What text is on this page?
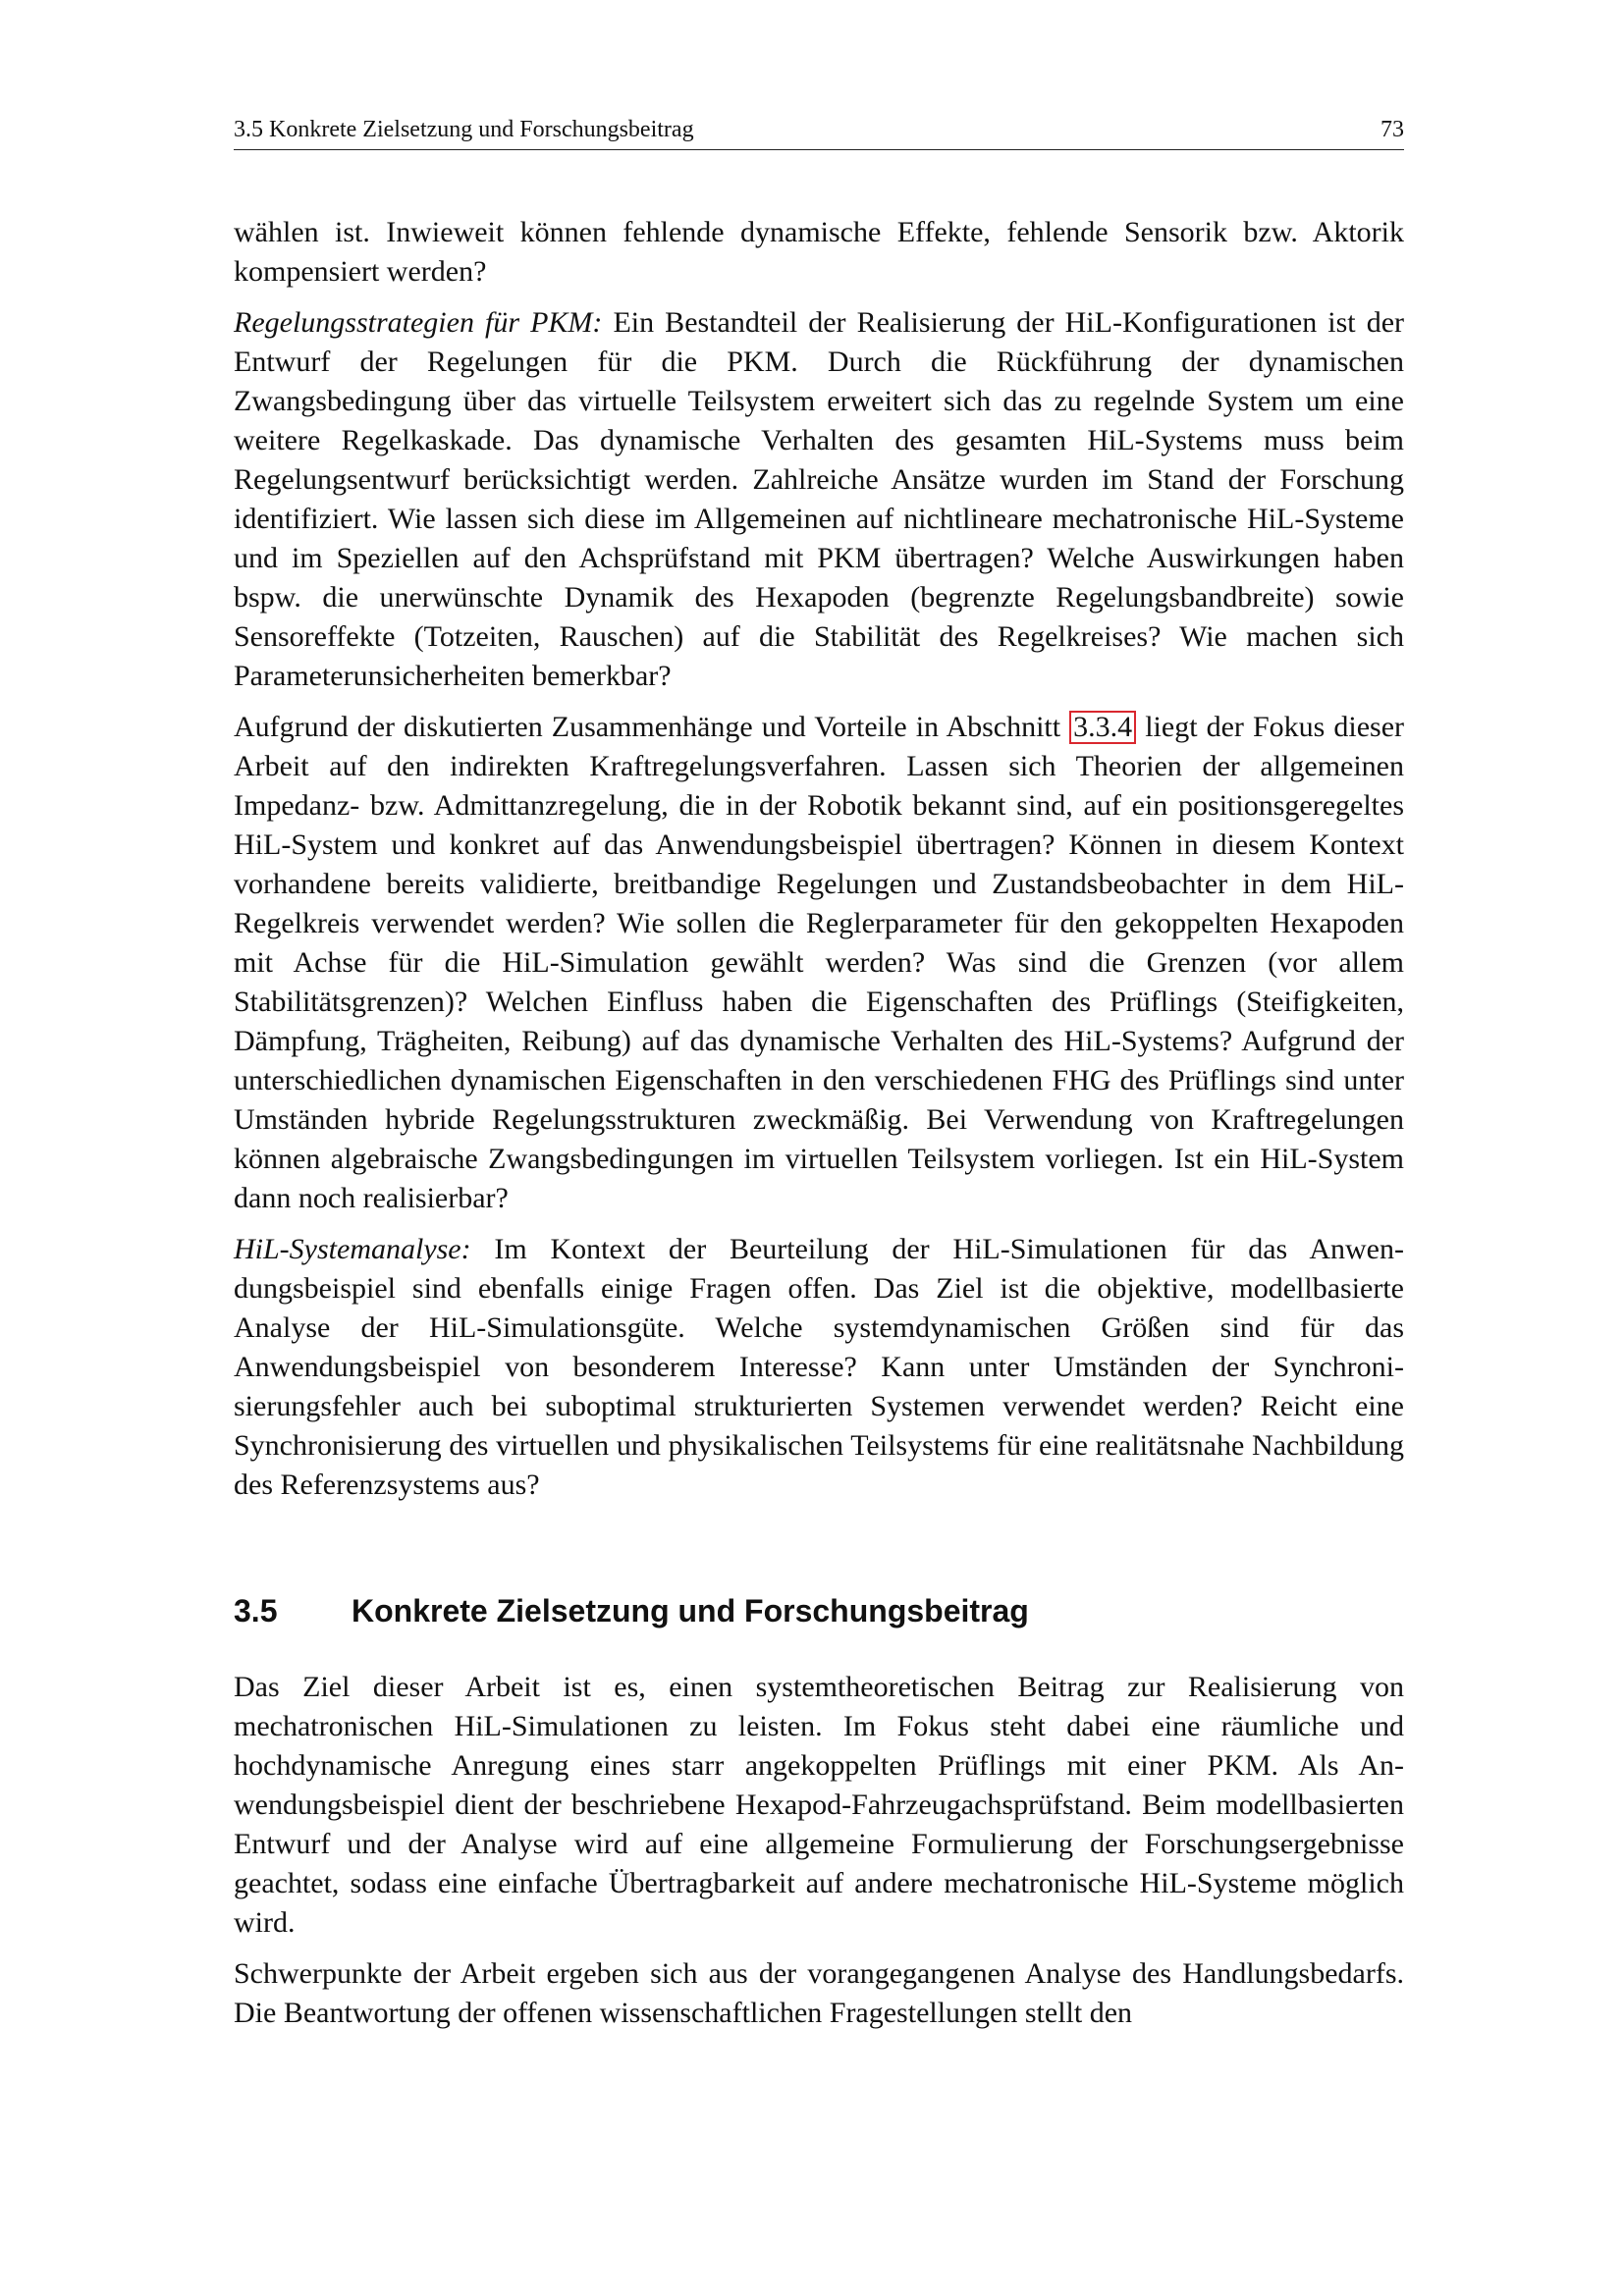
3.5 Konkrete Zielsetzung und Forschungsbeitrag	73

wählen ist. Inwieweit können fehlende dynamische Effekte, fehlende Sensorik bzw. Aktorik kompensiert werden?

Regelungsstrategien für PKM: Ein Bestandteil der Realisierung der HiL-Konfigurationen ist der Entwurf der Regelungen für die PKM. Durch die Rückführung der dynamischen Zwangsbedingung über das virtuelle Teilsystem erweitert sich das zu regelnde System um eine weitere Regelkaskade. Das dynamische Verhalten des gesamten HiL-Systems muss beim Regelungsentwurf berücksichtigt werden. Zahlreiche Ansätze wurden im Stand der Forschung identifiziert. Wie lassen sich diese im Allgemeinen auf nichtlineare mechatronische HiL-Systeme und im Speziellen auf den Achsprüfstand mit PKM übertragen? Welche Auswirkungen haben bspw. die unerwünschte Dynamik des Hexapoden (begrenzte Regelungsbandbreite) sowie Sensoreffekte (Totzeiten, Rauschen) auf die Stabilität des Regelkreises? Wie machen sich Parameterunsicherheiten bemerkbar?

Aufgrund der diskutierten Zusammenhänge und Vorteile in Abschnitt 3.3.4 liegt der Fokus dieser Arbeit auf den indirekten Kraftregelungsverfahren. Lassen sich Theorien der allgemeinen Impedanz- bzw. Admittanzregelung, die in der Robotik bekannt sind, auf ein positionsgeregeltes HiL-System und konkret auf das Anwendungsbeispiel übertragen? Können in diesem Kontext vorhandene bereits validierte, breitbandige Regelungen und Zustandsbeobachter in dem HiL-Regelkreis verwendet werden? Wie sollen die Reglerparameter für den gekoppelten Hexapoden mit Achse für die HiL-Simulation gewählt werden? Was sind die Grenzen (vor allem Stabilitätsgrenzen)? Welchen Einfluss haben die Eigenschaften des Prüflings (Steifigkeiten, Dämpfung, Trägheiten, Reibung) auf das dynamische Verhalten des HiL-Systems? Aufgrund der unterschiedlichen dynamischen Eigenschaften in den verschiedenen FHG des Prüflings sind unter Umständen hybride Regelungsstrukturen zweckmäßig. Bei Verwendung von Kraftregelungen können algebraische Zwangsbedingungen im virtuellen Teilsystem vorliegen. Ist ein HiL-System dann noch realisierbar?

HiL-Systemanalyse: Im Kontext der Beurteilung der HiL-Simulationen für das Anwendungsbeispiel sind ebenfalls einige Fragen offen. Das Ziel ist die objektive, modellbasierte Analyse der HiL-Simulationsgüte. Welche systemdynamischen Größen sind für das Anwendungsbeispiel von besonderem Interesse? Kann unter Umständen der Synchronisierungsfehler auch bei suboptimal strukturierten Systemen verwendet werden? Reicht eine Synchronisierung des virtuellen und physikalischen Teilsystems für eine realitätsnahe Nachbildung des Referenzsystems aus?

3.5	Konkrete Zielsetzung und Forschungsbeitrag

Das Ziel dieser Arbeit ist es, einen systemtheoretischen Beitrag zur Realisierung von mechatronischen HiL-Simulationen zu leisten. Im Fokus steht dabei eine räumliche und hochdynamische Anregung eines starr angekoppelten Prüflings mit einer PKM. Als Anwendungsbeispiel dient der beschriebene Hexapod-Fahrzeugachsprüfstand. Beim modellbasierten Entwurf und der Analyse wird auf eine allgemeine Formulierung der Forschungsergebnisse geachtet, sodass eine einfache Übertragbarkeit auf andere mechatronische HiL-Systeme möglich wird.

Schwerpunkte der Arbeit ergeben sich aus der vorangegangenen Analyse des Handlungsbedarfs. Die Beantwortung der offenen wissenschaftlichen Fragestellungen stellt den
